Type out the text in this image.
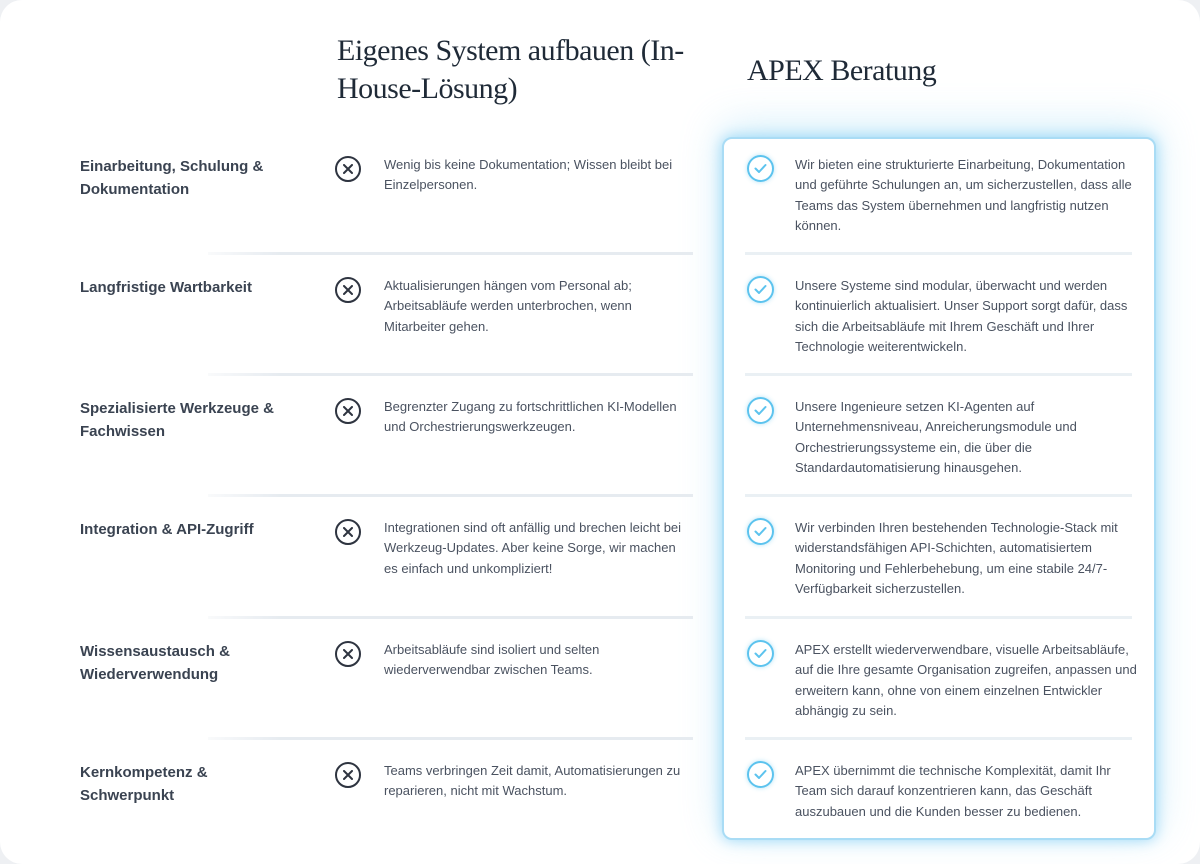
Eigenes System aufbauen (In-House-Lösung)
APEX Beratung
Einarbeitung, Schulung & Dokumentation
Wenig bis keine Dokumentation; Wissen bleibt bei Einzelpersonen.
Wir bieten eine strukturierte Einarbeitung, Dokumentation und geführte Schulungen an, um sicherzustellen, dass alle Teams das System übernehmen und langfristig nutzen können.
Langfristige Wartbarkeit	Aktualisierungen hängen vom Personal ab; Arbeitsabläufe werden unterbrochen, wenn Mitarbeiter gehen.
Unsere Systeme sind modular, überwacht und werden kontinuierlich aktualisiert. Unser Support sorgt dafür, dass sich die Arbeitsabläufe mit Ihrem Geschäft und Ihrer Technologie weiterentwickeln.
Spezialisierte Werkzeuge & Fachwissen
Begrenzter Zugang zu fortschrittlichen KI-Modellen und Orchestrierungswerkzeugen.
Unsere Ingenieure setzen KI-Agenten auf Unternehmensniveau, Anreicherungsmodule und Orchestrierungssysteme ein, die über die Standardautomatisierung hinausgehen.
Integration & API-Zugriff	Integrationen sind oft anfällig und brechen leicht bei Werkzeug-Updates. Aber keine Sorge, wir machen es einfach und unkompliziert!
Wir verbinden Ihren bestehenden Technologie-Stack mit widerstandsfähigen API-Schichten, automatisiertem Monitoring und Fehlerbehebung, um eine stabile 24/7-Verfügbarkeit sicherzustellen.
Wissensaustausch & Wiederverwendung
Arbeitsabläufe sind isoliert und selten wiederverwendbar zwischen Teams.
APEX erstellt wiederverwendbare, visuelle Arbeitsabläufe, auf die Ihre gesamte Organisation zugreifen, anpassen und erweitern kann, ohne von einem einzelnen Entwickler abhängig zu sein.
Kernkompetenz & Schwerpunkt
Teams verbringen Zeit damit, Automatisierungen zu reparieren, nicht mit Wachstum.
APEX übernimmt die technische Komplexität, damit Ihr Team sich darauf konzentrieren kann, das Geschäft auszubauen und die Kunden besser zu bedienen.
